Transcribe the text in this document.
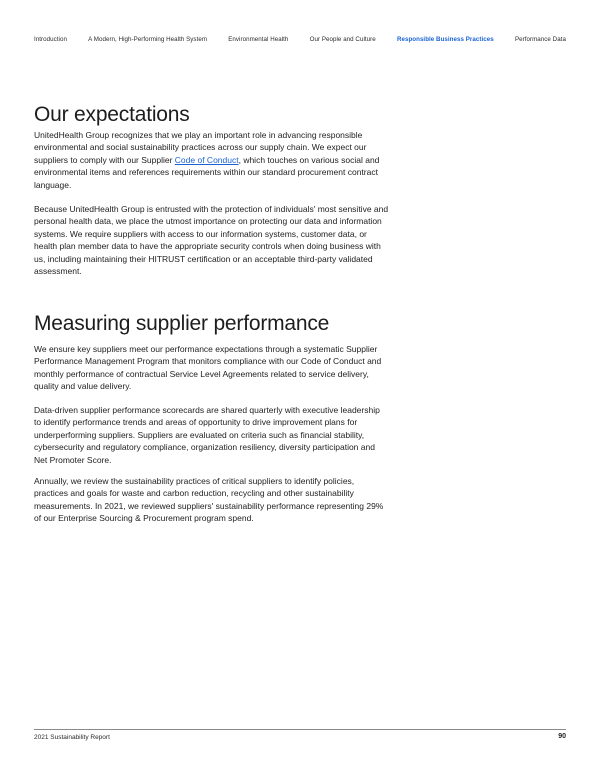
Introduction	A Modern, High-Performing Health System	Environmental Health	Our People and Culture	Responsible Business Practices	Performance Data
Our expectations

UnitedHealth Group recognizes that we play an important role in advancing responsible environmental and social sustainability practices across our supply chain. We expect our suppliers to comply with our Supplier Code of Conduct, which touches on various social and environmental items and references requirements within our standard procurement contract language.

Because UnitedHealth Group is entrusted with the protection of individuals' most sensitive and personal health data, we place the utmost importance on protecting our data and information systems. We require suppliers with access to our information systems, customer data, or health plan member data to have the appropriate security controls when doing business with us, including maintaining their HITRUST certification or an acceptable third-party validated assessment.

Measuring supplier performance

We ensure key suppliers meet our performance expectations through a systematic Supplier Performance Management Program that monitors compliance with our Code of Conduct and monthly performance of contractual Service Level Agreements related to service delivery, quality and value delivery.

Data-driven supplier performance scorecards are shared quarterly with executive leadership to identify performance trends and areas of opportunity to drive improvement plans for underperforming suppliers. Suppliers are evaluated on criteria such as financial stability, cybersecurity and regulatory compliance, organization resiliency, diversity participation and Net Promoter Score.

Annually, we review the sustainability practices of critical suppliers to identify policies, practices and goals for waste and carbon reduction, recycling and other sustainability measurements. In 2021, we reviewed suppliers' sustainability performance representing 29% of our Enterprise Sourcing & Procurement program spend.

2021 Sustainability Report	90
